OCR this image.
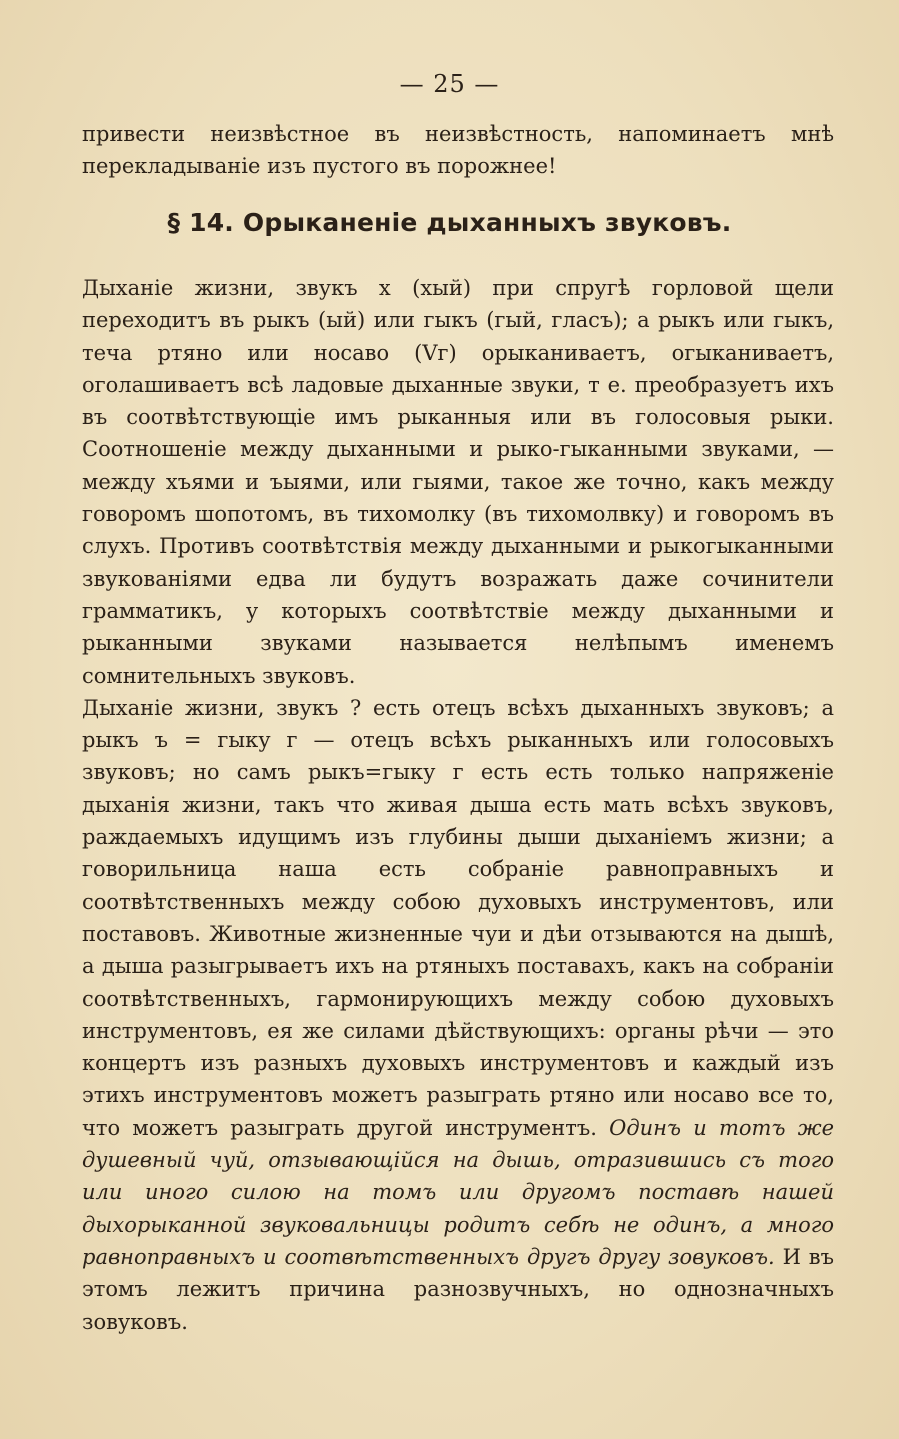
— 25 —

привести неизвѣстное въ неизвѣстность, напоминаетъ мнѣ перекладыванiе изъ пустого въ порожнее!

§ 14. Орыканенiе дыханныхъ звуковъ.

Дыханiе жизни, звукъ х (хый) при спругѣ горловой щели переходитъ въ рыкъ (ый) или гыкъ (гый, гласъ); а рыкъ или гыкъ, теча ртяно или носаво (Vг) орыканиваетъ, огыканиваетъ, оголашиваетъ всѣ ладовые дыханные звуки, т е. преобразуетъ ихъ въ соотвѣтствующiе имъ рыканныя или въ голосовыя рыки. Соотношенiе между дыханными и рыко-гыканными звуками, — между хъями и ъыями, или гыями, такое же точно, какъ между говоромъ шопотомъ, въ тихомолку (въ тихомолвку) и говоромъ въ слухъ. Противъ соотвѣтствiя между дыханными и рыкогыканными звукованiями едва ли будутъ возражать даже сочинители грамматикъ, у которыхъ соотвѣтствiе между дыханными и рыканными звуками называется нелѣпымъ именемъ сомнительныхъ звуковъ.

Дыханiе жизни, звукъ ? есть отецъ всѣхъ дыханныхъ звуковъ; а рыкъ ъ = гыку г — отецъ всѣхъ рыканныхъ или голосовыхъ звуковъ; но самъ рыкъ=гыку г есть есть только напряженiе дыханiя жизни, такъ что живая дыша есть мать всѣхъ звуковъ, раждаемыхъ идущимъ изъ глубины дыши дыханiемъ жизни; а говорильница наша есть собранiе равноправныхъ и соотвѣтственныхъ между собою духовыхъ инструментовъ, или поставовъ. Животные жизненные чуи и дѣи отзываются на дышѣ, а дыша разыгрываетъ ихъ на ртяныхъ поставахъ, какъ на собранiи соотвѣтственныхъ, гармонирующихъ между собою духовыхъ инструментовъ, ея же силами дѣйствующихъ: органы рѣчи — это концертъ изъ разныхъ духовыхъ инструментовъ и каждый изъ этихъ инструментовъ можетъ разыграть ртяно или носаво все то, что можетъ разыграть другой инструментъ. Одинъ и тотъ же душевный чуй, отзывающiйся на дышь, отразившись съ того или иного силою на томъ или другомъ поставѣ нашей дыхорыканной звуковальницы родитъ себѣ не одинъ, а много равноправныхъ и соотвѣтственныхъ другъ другу зовуковъ. И въ этомъ лежитъ причина разнозвучныхъ, но однозначныхъ зовуковъ.
